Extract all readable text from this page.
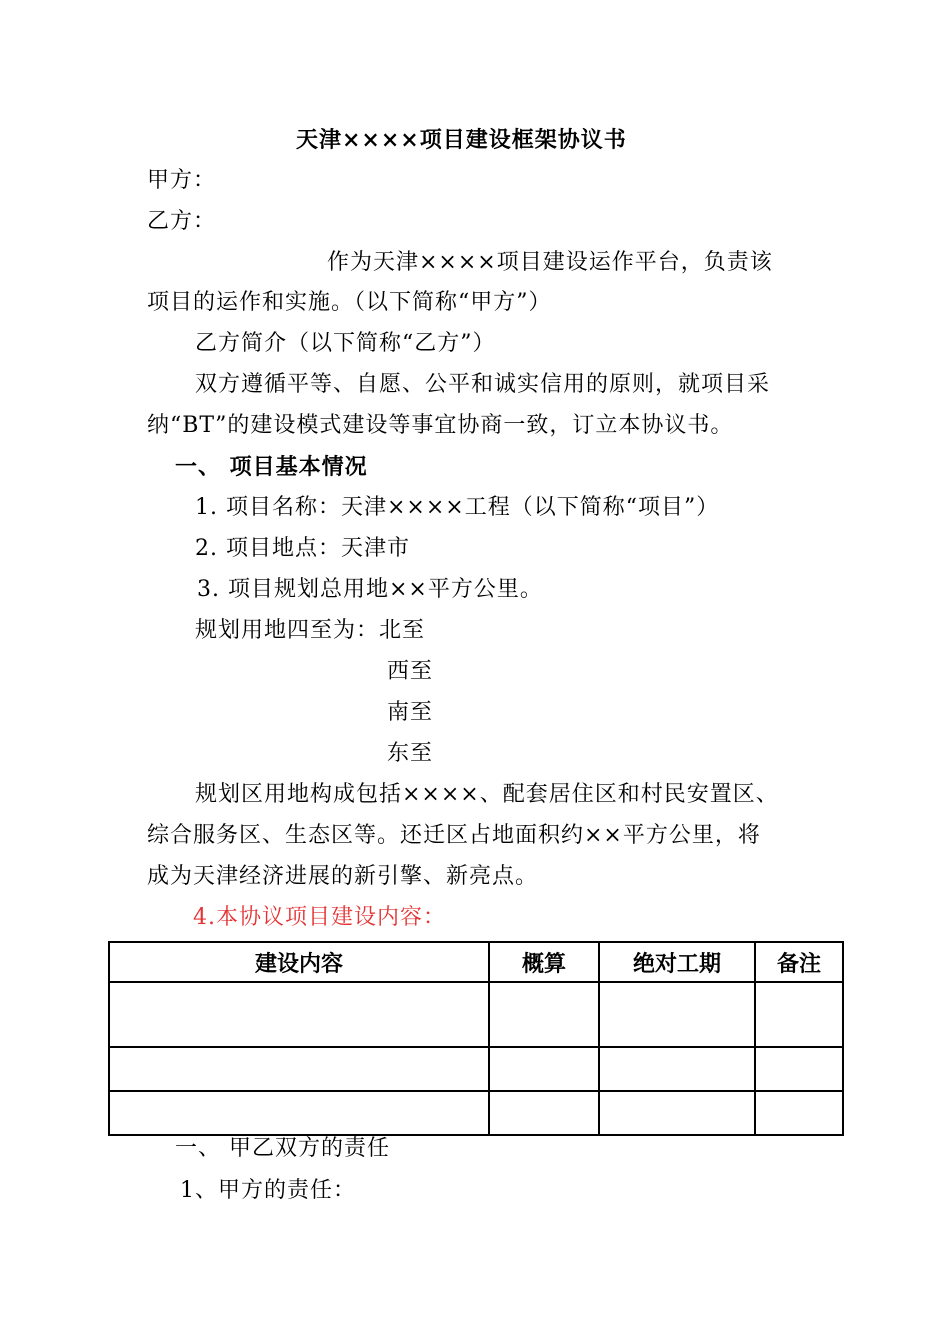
天津××××项目建设框架协议书
甲方：
乙方：
作为天津××××项目建设运作平台，负责该
项目的运作和实施。（以下简称“甲方”）
乙方简介（以下简称“乙方”）
双方遵循平等、自愿、公平和诚实信用的原则，就项目采
纳“BT”的建设模式建设等事宜协商一致，订立本协议书。
一、 项目基本情况
1. 项目名称：天津××××工程（以下简称“项目”）
2. 项目地点：天津市
3. 项目规划总用地××平方公里。
规划用地四至为：北至
西至
南至
东至
规划区用地构成包括××××、配套居住区和村民安置区、
综合服务区、生态区等。还迁区占地面积约××平方公里，将
成为天津经济进展的新引擎、新亮点。
4.本协议项目建设内容：
建设内容	概算	绝对工期	备注

一、 甲乙双方的责任
1、甲方的责任：
